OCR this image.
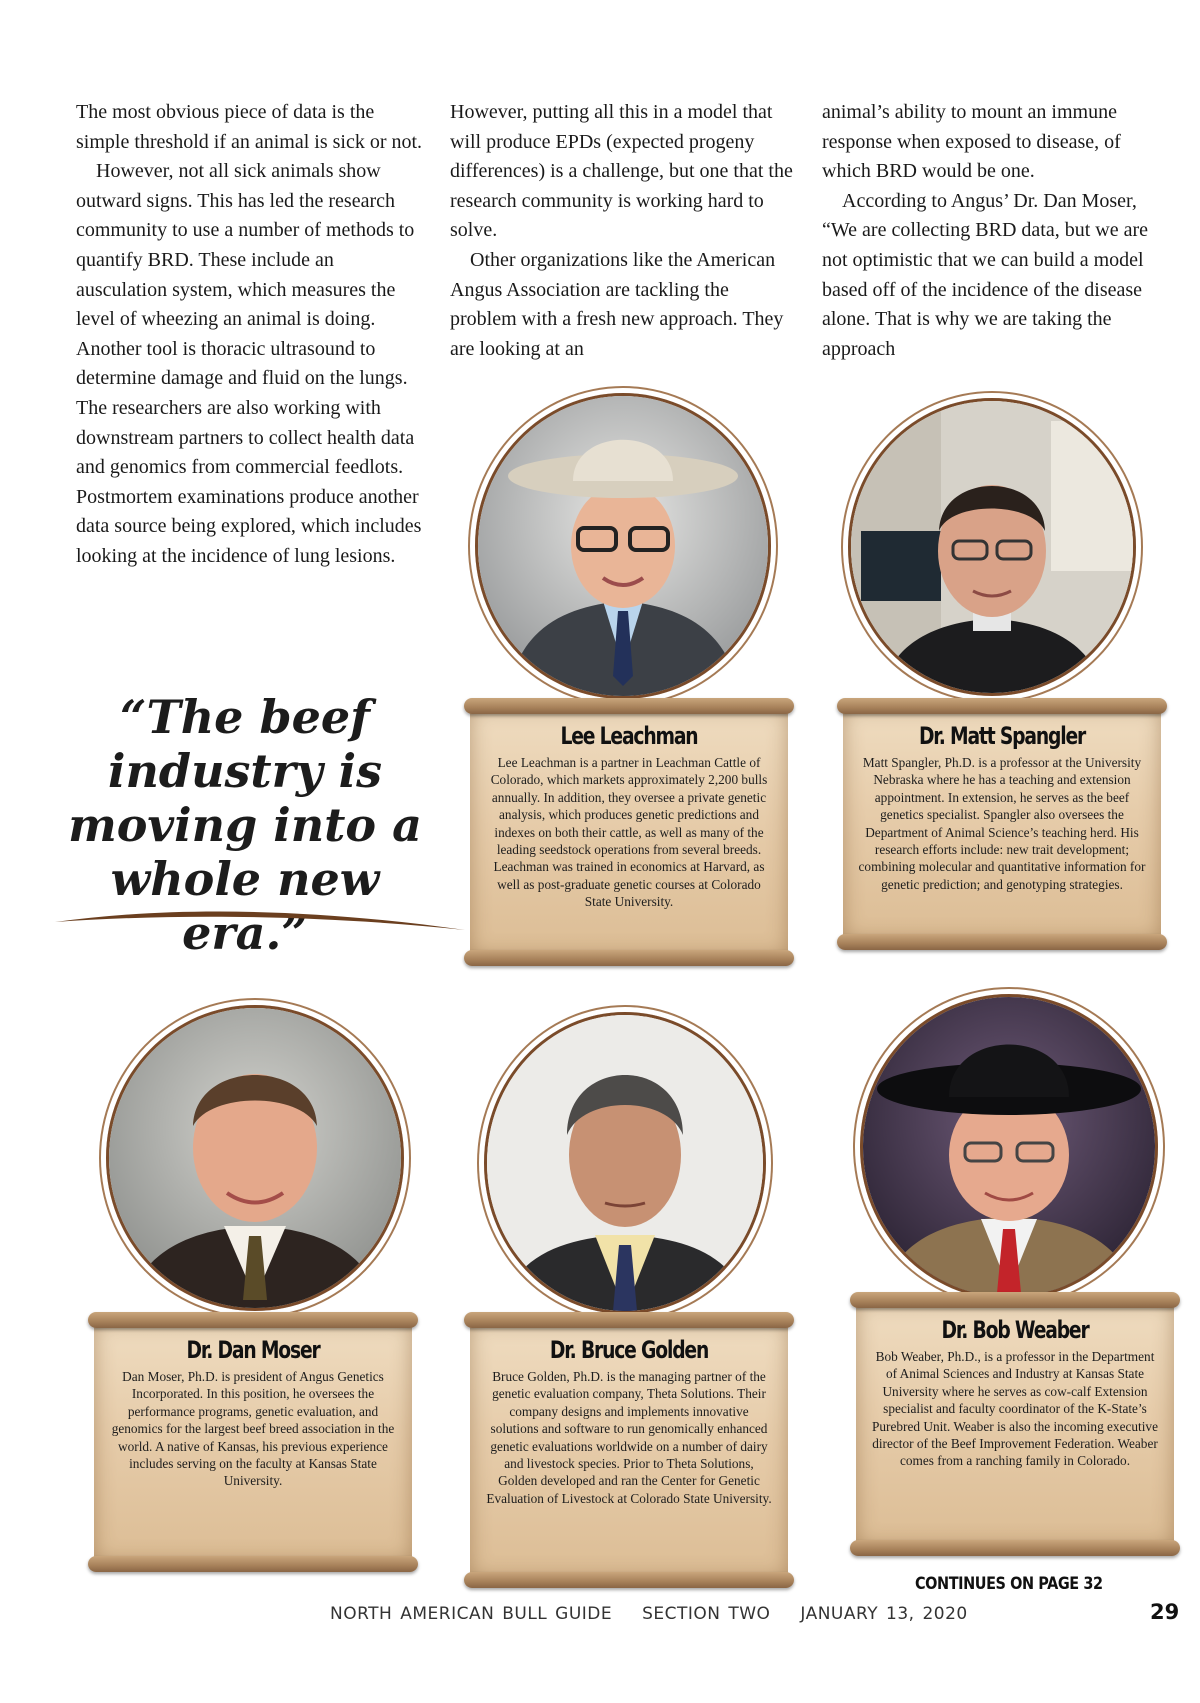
The most obvious piece of data is the simple threshold if an animal is sick or not.

However, not all sick animals show outward signs. This has led the research community to use a number of methods to quantify BRD. These include an ausculation system, which measures the level of wheezing an animal is doing. Another tool is thoracic ultrasound to determine damage and fluid on the lungs. The researchers are also working with downstream partners to collect health data and genomics from commercial feedlots. Postmortem examinations produce another data source being explored, which includes looking at the incidence of lung lesions.

However, putting all this in a model that will produce EPDs (expected progeny differences) is a challenge, but one that the research community is working hard to solve.

Other organizations like the American Angus Association are tackling the problem with a fresh new approach. They are looking at an

animal’s ability to mount an immune response when exposed to disease, of which BRD would be one.

According to Angus’ Dr. Dan Moser, “We are collecting BRD data, but we are not optimistic that we can build a model based off of the incidence of the disease alone. That is why we are taking the approach

“The beef industry is moving into a whole new era.”
Lee Leachman
Lee Leachman is a partner in Leachman Cattle of Colorado, which markets approximately 2,200 bulls annually. In addition, they oversee a private genetic analysis, which produces genetic predictions and indexes on both their cattle, as well as many of the leading seedstock operations from several breeds. Leachman was trained in economics at Harvard, as well as post-graduate genetic courses at Colorado State University.
Dr. Matt Spangler
Matt Spangler, Ph.D. is a professor at the University Nebraska where he has a teaching and extension appointment. In extension, he serves as the beef genetics specialist. Spangler also oversees the Department of Animal Science’s teaching herd. His research efforts include: new trait development; combining molecular and quantitative information for genetic prediction; and genotyping strategies.
Dr. Dan Moser
Dan Moser, Ph.D. is president of Angus Genetics Incorporated. In this position, he oversees the performance programs, genetic evaluation, and genomics for the largest beef breed association in the world. A native of Kansas, his previous experience includes serving on the faculty at Kansas State University.
Dr. Bruce Golden
Bruce Golden, Ph.D. is the managing partner of the genetic evaluation company, Theta Solutions. Their company designs and implements innovative solutions and software to run genomically enhanced genetic evaluations worldwide on a number of dairy and livestock species. Prior to Theta Solutions, Golden developed and ran the Center for Genetic Evaluation of Livestock at Colorado State University.
Dr. Bob Weaber
Bob Weaber, Ph.D., is a professor in the Department of Animal Sciences and Industry at Kansas State University where he serves as cow-calf Extension specialist and faculty coordinator of the K-State’s Purebred Unit. Weaber is also the incoming executive director of the Beef Improvement Federation. Weaber comes from a ranching family in Colorado.
CONTINUES ON PAGE 32
NORTH AMERICAN BULL GUIDE SECTION TWO JANUARY 13, 2020	29
